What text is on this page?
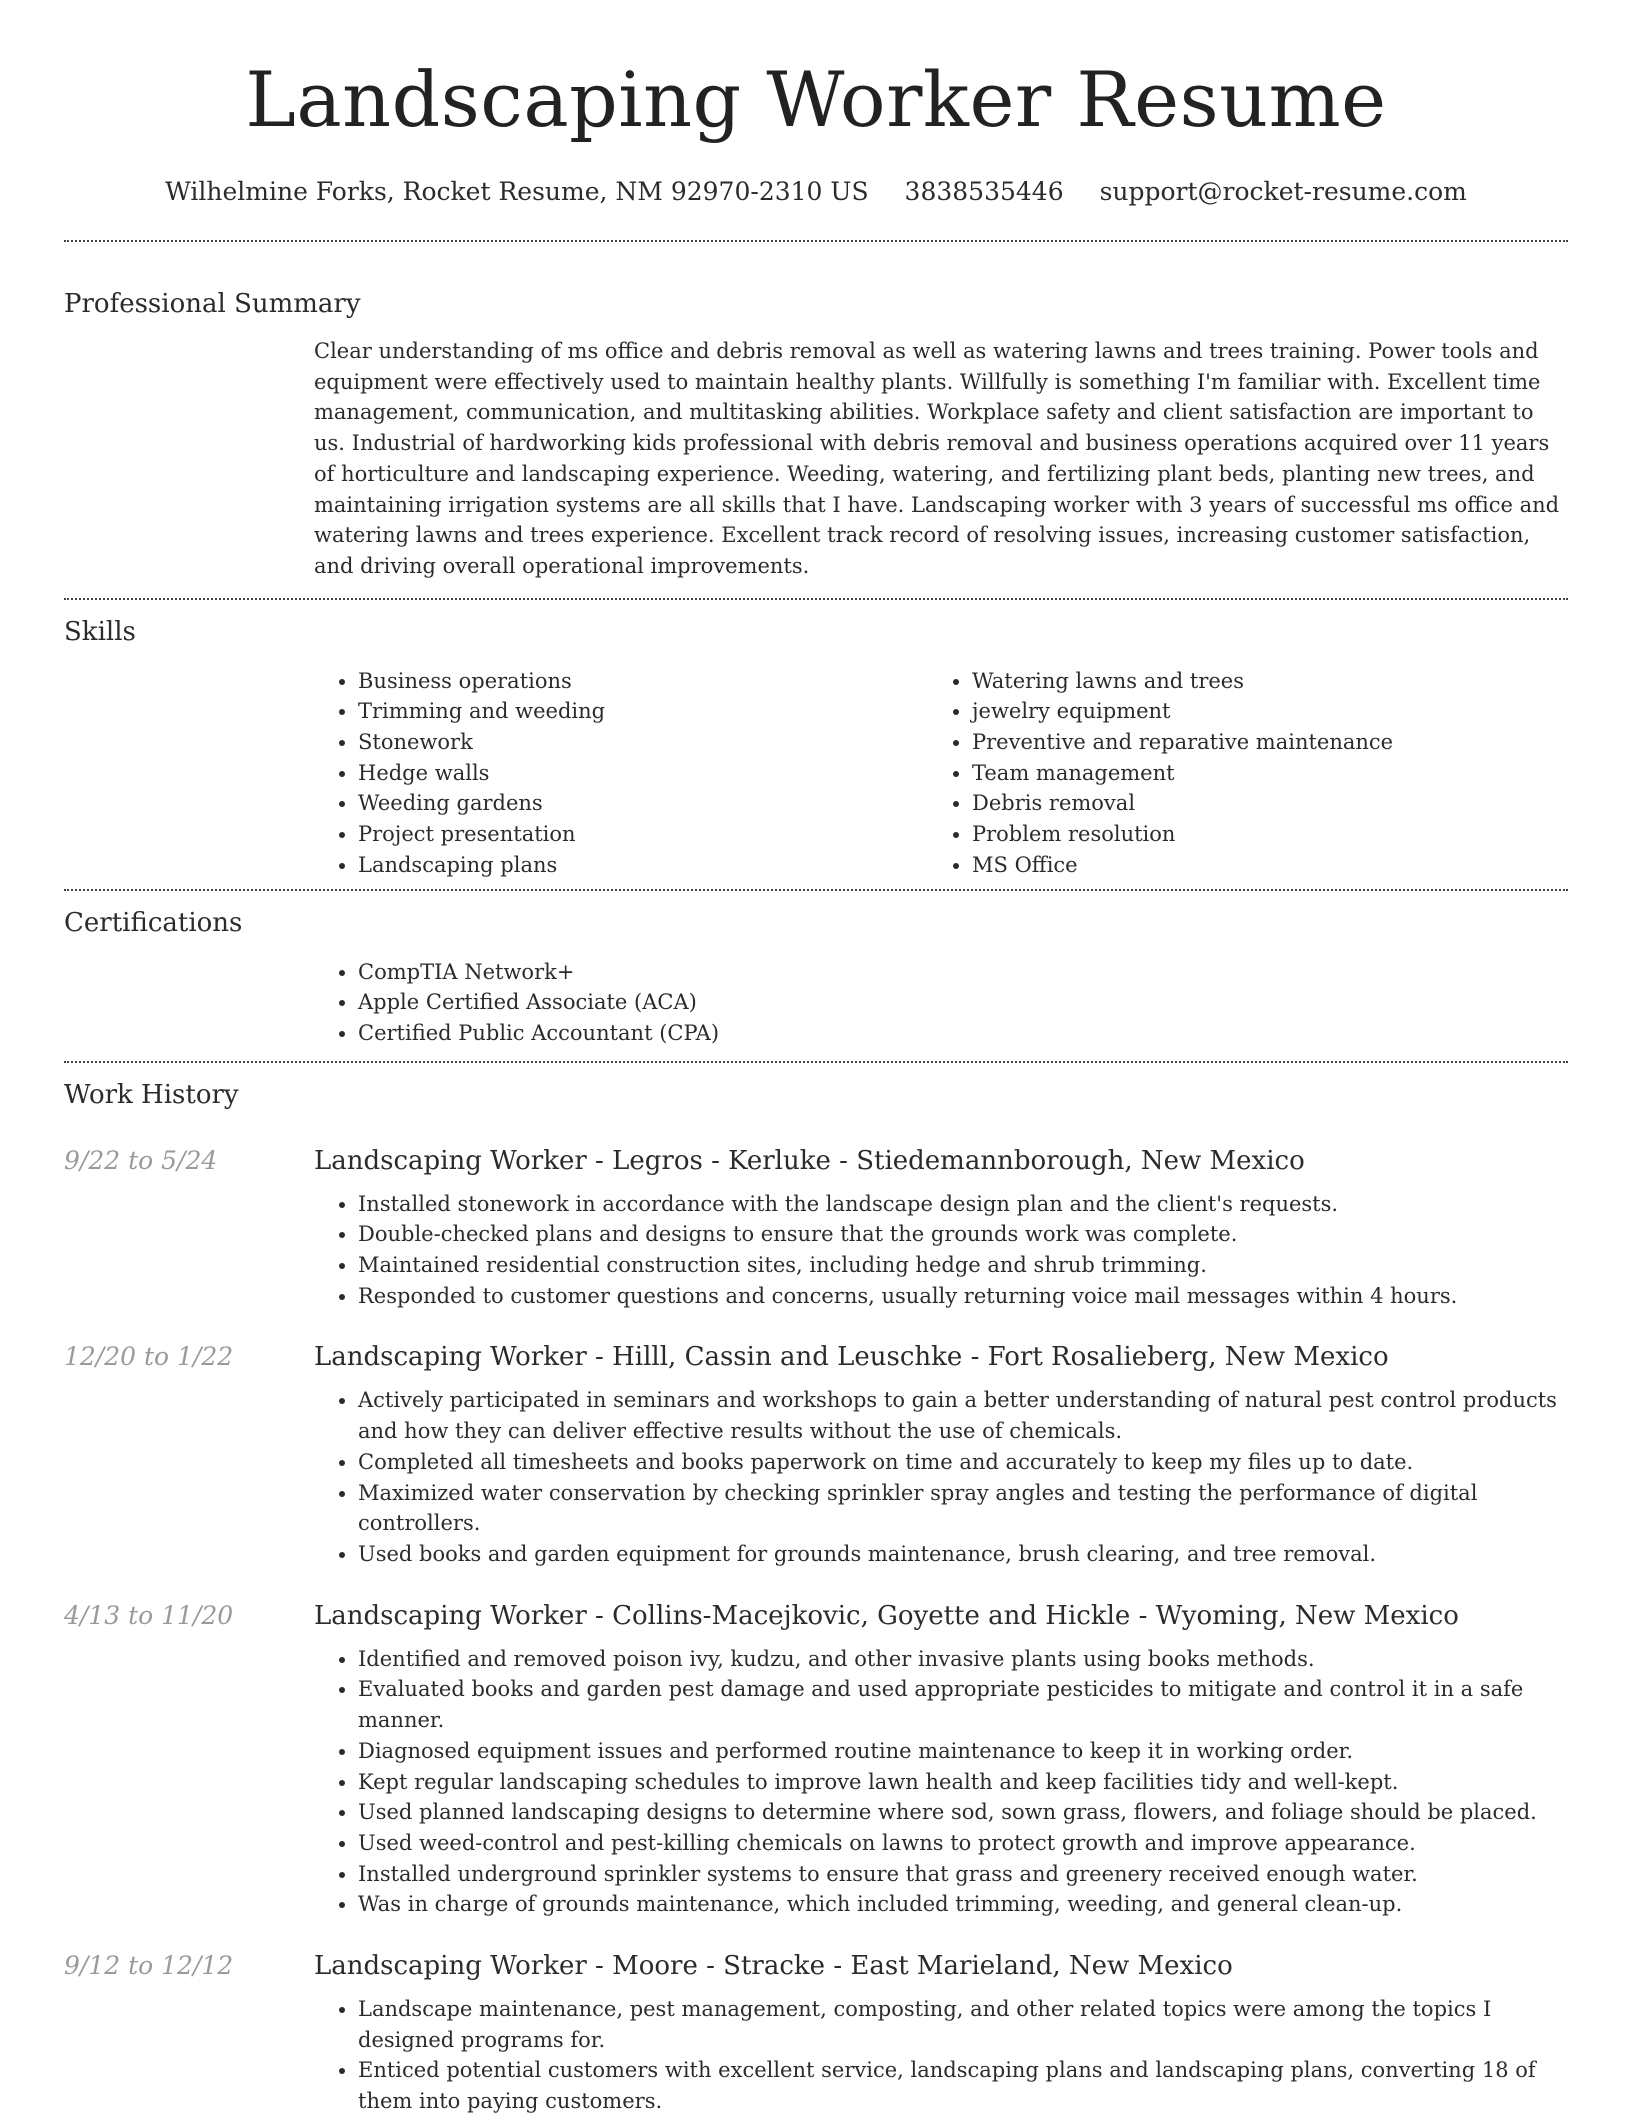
Landscaping Worker Resume
Wilhelmine Forks, Rocket Resume, NM 92970-2310 US 3838535446 support@rocket-resume.com
Professional Summary
Clear understanding of ms office and debris removal as well as watering lawns and trees training. Power tools and equipment were effectively used to maintain healthy plants. Willfully is something I'm familiar with. Excellent time management, communication, and multitasking abilities. Workplace safety and client satisfaction are important to us. Industrial of hardworking kids professional with debris removal and business operations acquired over 11 years of horticulture and landscaping experience. Weeding, watering, and fertilizing plant beds, planting new trees, and maintaining irrigation systems are all skills that I have. Landscaping worker with 3 years of successful ms office and watering lawns and trees experience. Excellent track record of resolving issues, increasing customer satisfaction, and driving overall operational improvements.
Skills
• Business operations
• Trimming and weeding
• Stonework
• Hedge walls
• Weeding gardens
• Project presentation
• Landscaping plans
• Watering lawns and trees
• jewelry equipment
• Preventive and reparative maintenance
• Team management
• Debris removal
• Problem resolution
• MS Office
Certifications
• CompTIA Network+
• Apple Certified Associate (ACA)
• Certified Public Accountant (CPA)
Work History
9/22 to 5/24	Landscaping Worker - Legros - Kerluke - Stiedemannborough, New Mexico
• Installed stonework in accordance with the landscape design plan and the client's requests.
• Double-checked plans and designs to ensure that the grounds work was complete.
• Maintained residential construction sites, including hedge and shrub trimming.
• Responded to customer questions and concerns, usually returning voice mail messages within 4 hours.
12/20 to 1/22	Landscaping Worker - Hilll, Cassin and Leuschke - Fort Rosalieberg, New Mexico
• Actively participated in seminars and workshops to gain a better understanding of natural pest control products and how they can deliver effective results without the use of chemicals.
• Completed all timesheets and books paperwork on time and accurately to keep my files up to date.
• Maximized water conservation by checking sprinkler spray angles and testing the performance of digital controllers.
• Used books and garden equipment for grounds maintenance, brush clearing, and tree removal.
4/13 to 11/20	Landscaping Worker - Collins-Macejkovic, Goyette and Hickle - Wyoming, New Mexico
• Identified and removed poison ivy, kudzu, and other invasive plants using books methods.
• Evaluated books and garden pest damage and used appropriate pesticides to mitigate and control it in a safe manner.
• Diagnosed equipment issues and performed routine maintenance to keep it in working order.
• Kept regular landscaping schedules to improve lawn health and keep facilities tidy and well-kept.
• Used planned landscaping designs to determine where sod, sown grass, flowers, and foliage should be placed.
• Used weed-control and pest-killing chemicals on lawns to protect growth and improve appearance.
• Installed underground sprinkler systems to ensure that grass and greenery received enough water.
• Was in charge of grounds maintenance, which included trimming, weeding, and general clean-up.
9/12 to 12/12	Landscaping Worker - Moore - Stracke - East Marieland, New Mexico
• Landscape maintenance, pest management, composting, and other related topics were among the topics I designed programs for.
• Enticed potential customers with excellent service, landscaping plans and landscaping plans, converting 18 of them into paying customers.
